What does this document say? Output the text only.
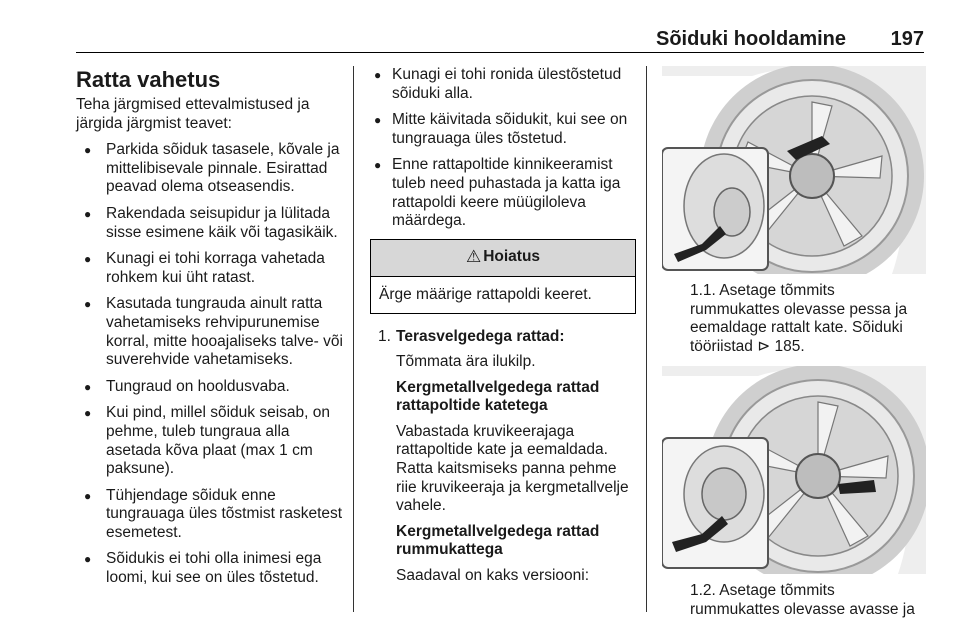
Sõiduki hooldamine 197
Ratta vahetus

Teha järgmised ettevalmistused ja järgida järgmist teavet:

● Parkida sõiduk tasasele, kõvale ja mittelibisevale pinnale. Esirattad peavad olema otseasendis.
● Rakendada seisupidur ja lülitada sisse esimene käik või tagasikäik.
● Kunagi ei tohi korraga vahetada rohkem kui üht ratast.
● Kasutada tungrauda ainult ratta vahetamiseks rehvipurunemise korral, mitte hooajaliseks talve- või suverehvide vahetamiseks.
● Tungraud on hooldusvaba.
● Kui pind, millel sõiduk seisab, on pehme, tuleb tungraua alla asetada kõva plaat (max 1 cm paksune).
● Tühjendage sõiduk enne tungrauaga üles tõstmist rasketest esemetest.
● Sõidukis ei tohi olla inimesi ega loomi, kui see on üles tõstetud.
● Kunagi ei tohi ronida ülestõstetud sõiduki alla.
● Mitte käivitada sõidukit, kui see on tungrauaga üles tõstetud.
● Enne rattapoltide kinnikeeramist tuleb need puhastada ja katta iga rattapoldi keere müügiloleva määrdega.
⚠ Hoiatus
Ärge määrige rattapoldi keeret.
1. Terasvelgedega rattad:

Tõmmata ära ilukilp.

Kergmetallvelgedega rattad rattapoltide katetega

Vabastada kruvikeerajaga rattapoltide kate ja eemaldada. Ratta kaitsmiseks panna pehme riie kruvikeeraja ja kergmetallvelje vahele.

Kergmetallvelgedega rattad rummukattega

Saadaval on kaks versiooni:

1.1. Asetage tõmmits rummukattes olevasse pessa ja eemaldage rattalt kate. Sõiduki tööriistad ⊳ 185.

1.2. Asetage tõmmits rummukattes olevasse avasse ja
